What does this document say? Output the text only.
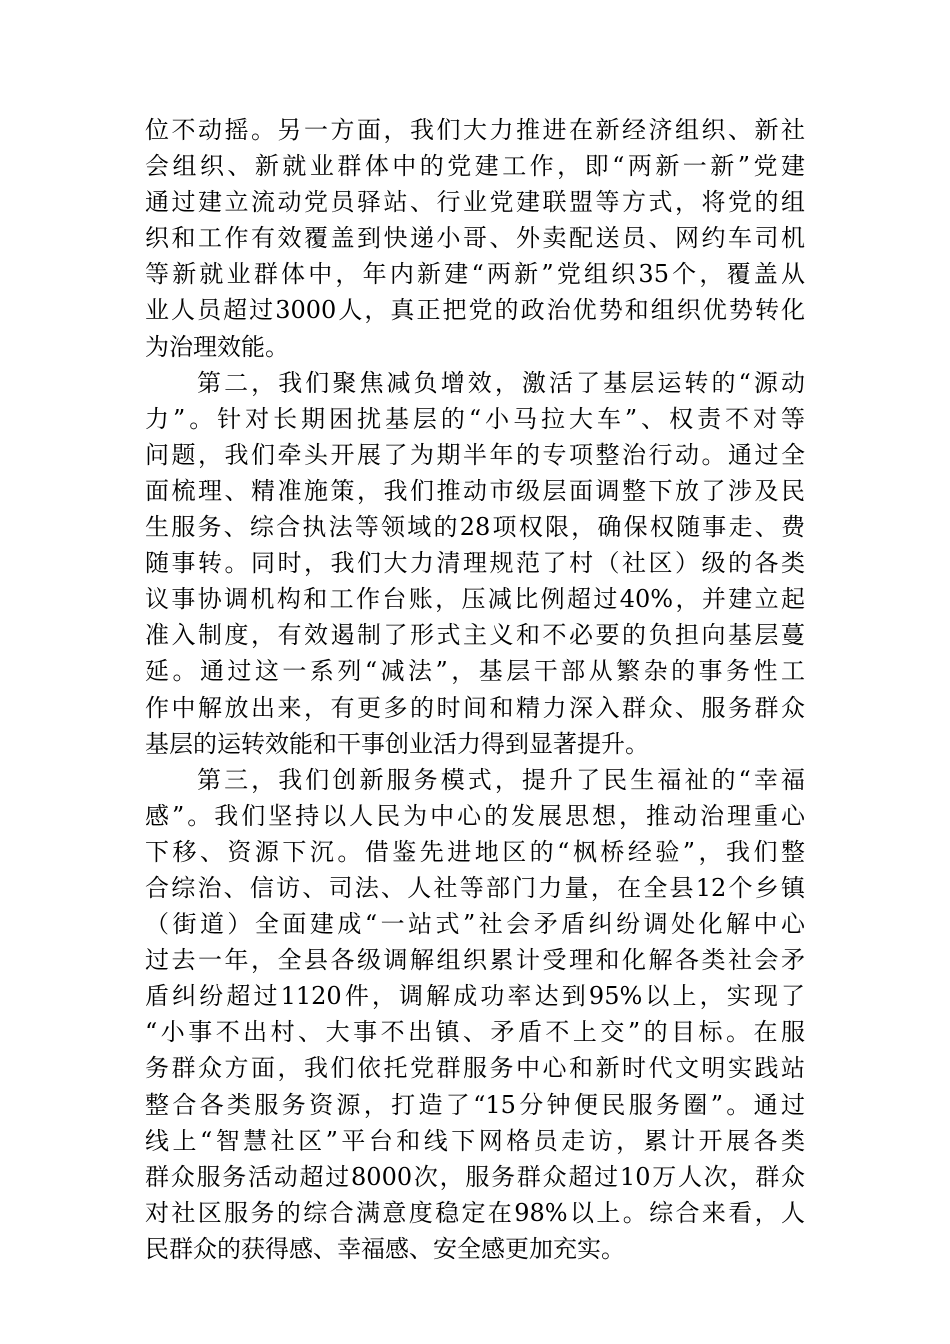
位不动摇。另一方面，我们大力推进在新经济组织、新社
会组织、新就业群体中的党建工作，即“两新一新”党建
通过建立流动党员驿站、行业党建联盟等方式，将党的组
织和工作有效覆盖到快递小哥、外卖配送员、网约车司机
等新就业群体中，年内新建“两新”党组织35个，覆盖从
业人员超过3000人，真正把党的政治优势和组织优势转化
为治理效能。
第二，我们聚焦减负增效，激活了基层运转的“源动
力”。针对长期困扰基层的“小马拉大车”、权责不对等
问题，我们牵头开展了为期半年的专项整治行动。通过全
面梳理、精准施策，我们推动市级层面调整下放了涉及民
生服务、综合执法等领域的28项权限，确保权随事走、费
随事转。同时，我们大力清理规范了村（社区）级的各类
议事协调机构和工作台账，压减比例超过40%，并建立起
准入制度，有效遏制了形式主义和不必要的负担向基层蔓
延。通过这一系列“减法”，基层干部从繁杂的事务性工
作中解放出来，有更多的时间和精力深入群众、服务群众
基层的运转效能和干事创业活力得到显著提升。
第三，我们创新服务模式，提升了民生福祉的“幸福
感”。我们坚持以人民为中心的发展思想，推动治理重心
下移、资源下沉。借鉴先进地区的“枫桥经验”，我们整
合综治、信访、司法、人社等部门力量，在全县12个乡镇
（街道）全面建成“一站式”社会矛盾纠纷调处化解中心
过去一年，全县各级调解组织累计受理和化解各类社会矛
盾纠纷超过1120件，调解成功率达到95%以上，实现了
“小事不出村、大事不出镇、矛盾不上交”的目标。在服
务群众方面，我们依托党群服务中心和新时代文明实践站
整合各类服务资源，打造了“15分钟便民服务圈”。通过
线上“智慧社区”平台和线下网格员走访，累计开展各类
群众服务活动超过8000次，服务群众超过10万人次，群众
对社区服务的综合满意度稳定在98%以上。综合来看，人
民群众的获得感、幸福感、安全感更加充实。
